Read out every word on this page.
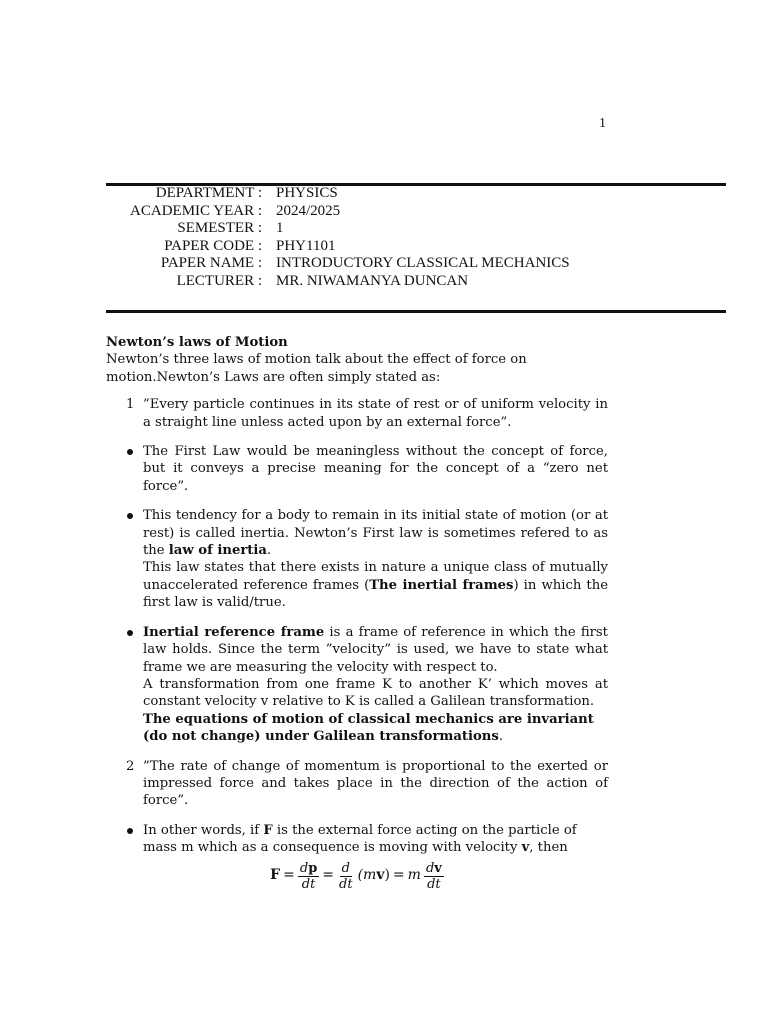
1
DEPARTMENT : PHYSICS
ACADEMIC YEAR : 2024/2025
SEMESTER : 1
PAPER CODE : PHY1101
PAPER NAME : INTRODUCTORY CLASSICAL MECHANICS
LECTURER : MR. NIWAMANYA DUNCAN

Newton’s laws of Motion

Newton’s three laws of motion talk about the effect of force on motion.Newton’s Laws are often simply stated as:

1 ”Every particle continues in its state of rest or of uniform velocity in a straight line unless acted upon by an external force”.

The First Law would be meaningless without the concept of force, but it conveys a precise meaning for the concept of a “zero net force”.

This tendency for a body to remain in its initial state of motion (or at rest) is called inertia. Newton’s First law is sometimes refered to as the law of inertia.

This law states that there exists in nature a unique class of mutually unaccelerated reference frames (The inertial frames) in which the first law is valid/true.

Inertial reference frame is a frame of reference in which the first law holds. Since the term ”velocity” is used, we have to state what frame we are measuring the velocity with respect to.

A transformation from one frame K to another K’ which moves at constant velocity v relative to K is called a Galilean transformation.

The equations of motion of classical mechanics are invariant (do not change) under Galilean transformations.

2 ”The rate of change of momentum is proportional to the exerted or impressed force and takes place in the direction of the action of force”.

In other words, if F is the external force acting on the particle of mass m which as a consequence is moving with velocity v, then

$F = \frac{dp}{dt} = \frac{d}{dt} (mv) = m \frac{dv}{dt}$
